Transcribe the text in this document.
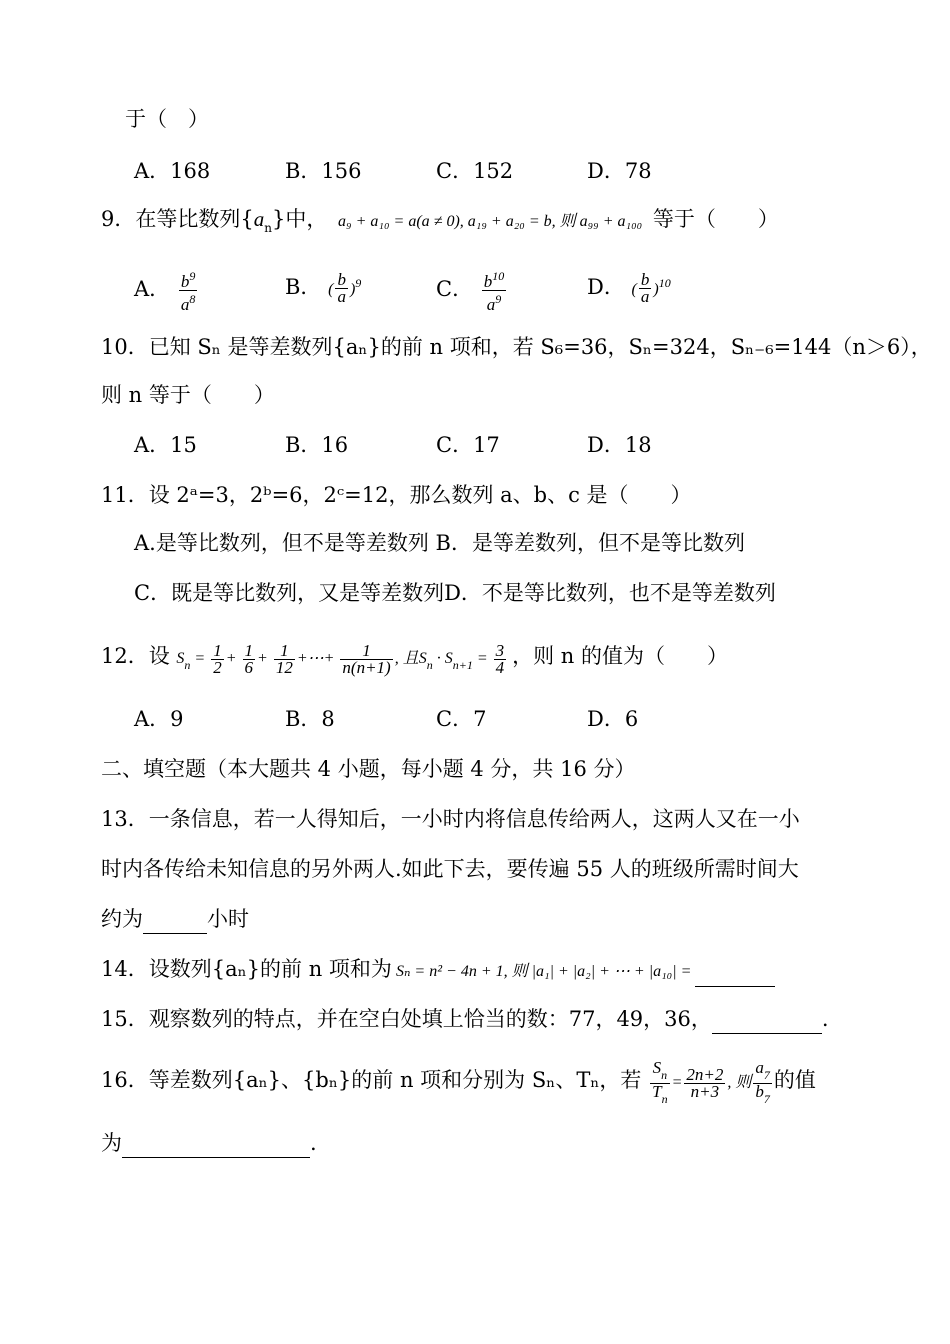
于（　）
A．168	B．156	C．152	D．78
9．在等比数列$\{a_n\}$中， a₉ + a₁₀ = a(a ≠ 0), a₁₉ + a₂₀ = b, 则 a₉₉ + a₁₀₀ 等于（　　）
A． $\frac{b^9}{a^8}$	B． ( $\frac{b}{a} )^9$	C． $\frac{b^{10}}{a^9}$	D． ( $\frac{b}{a} )^{10}$
10．已知 Sₙ 是等差数列{aₙ}的前 n 项和，若 S₆=36，Sₙ=324，Sₙ₋₆=144（n＞6），
则 n 等于（　　）
A．15	B．16	C．17	D．18
11．设 2ᵃ=3，2ᵇ=6，2ᶜ=12，那么数列 a、b、c 是（　　）
A.是等比数列，但不是等差数列 B．是等差数列，但不是等比数列
C．既是等比数列，又是等差数列D．不是等比数列，也不是等差数列
12．设 $S_n = \frac{1}{2} + \frac{1}{6} + \frac{1}{12}$ +⋯+ $\frac{1}{n(n+1)}$ , 且$S_n \cdot S_{n+1} = \frac{3}{4}$ ，则 n 的值为（　　）
A．9	B．8	C．7	D．6
二、填空题（本大题共 4 小题，每小题 4 分，共 16 分）
13．一条信息，若一人得知后，一小时内将信息传给两人，这两人又在一小
时内各传给未知信息的另外两人.如此下去，要传遍 55 人的班级所需时间大
约为	小时
14．设数列{aₙ}的前 n 项和为 Sₙ = n² − 4n + 1, 则 |a₁| + |a₂| + ⋯ + |a₁₀| =
15．观察数列的特点，并在空白处填上恰当的数：77，49，36，	.
16．等差数列{aₙ}、{bₙ}的前 n 项和分别为 Sₙ、Tₙ，若 $\frac{S_n}{T_n} = \frac{2n+2}{n+3}$ , 则 $\frac{a_7}{b_7}$ 的值
为	.
